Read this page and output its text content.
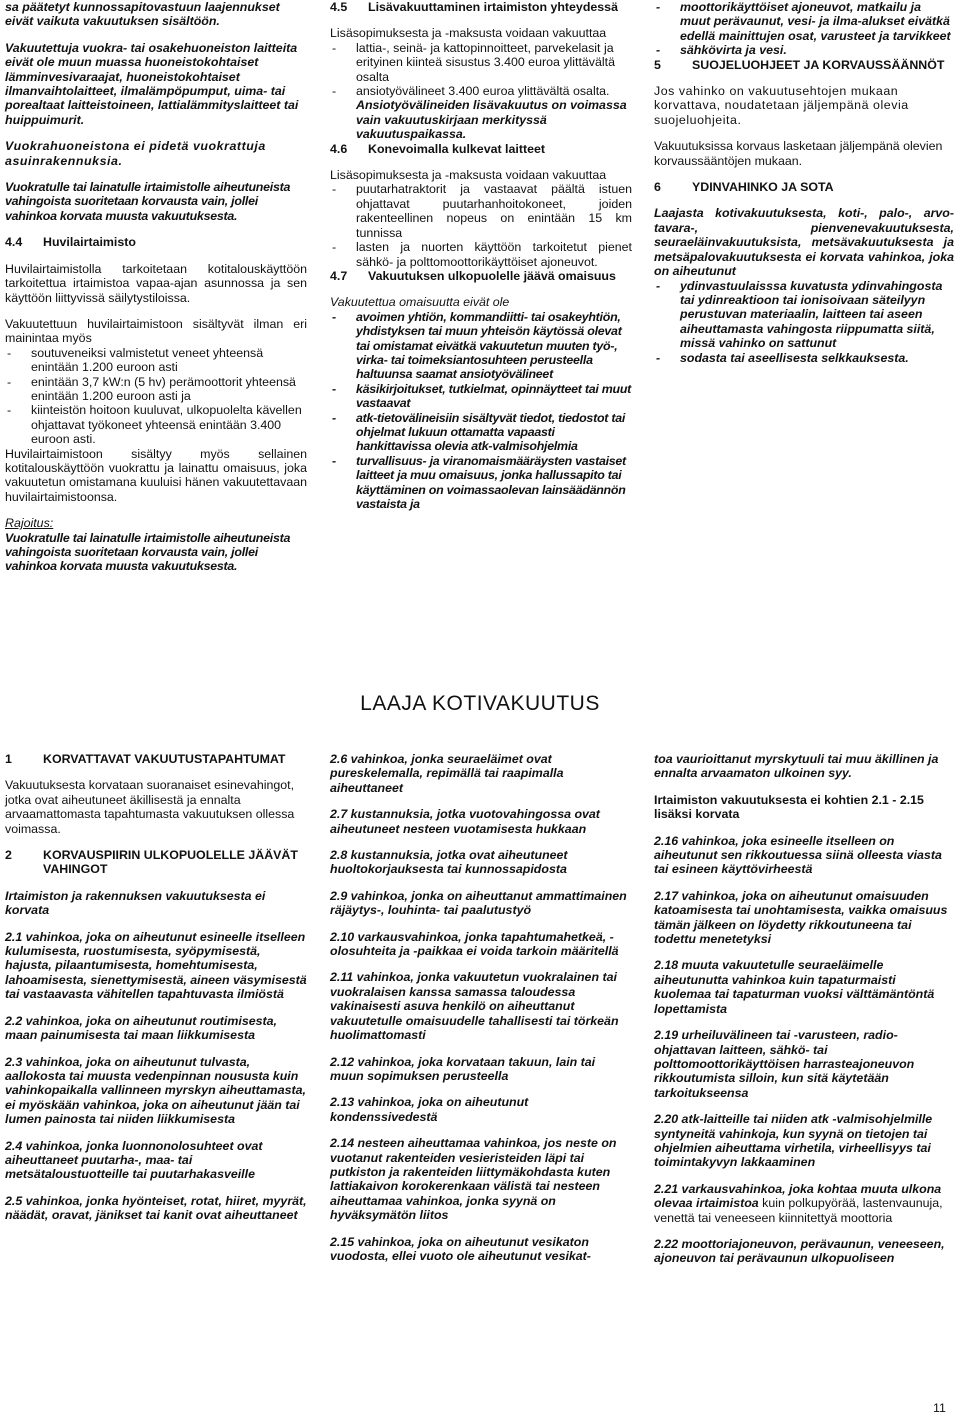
sa päätetyt kunnossapitovastuun laajennukset eivät vaikuta vakuutuksen sisältöön.

Vakuutettuja vuokra- tai osakehuoneiston laitteita eivät ole muun muassa huoneistokohtaiset lämminvesivaraajat, huoneistokohtaiset ilmanvaihtolaitteet, ilmalämpöpumput, uima- tai porealtaat laitteistoineen, lattialämmityslaitteet tai huippuimurit.

Vuokrahuoneistona ei pidetä vuokrattuja asuinrakennuksia.

Vuokratulle tai lainatulle irtaimistolle aiheutuneista vahingoista suoritetaan korvausta vain, jollei vahinkoa korvata muusta vakuutuksesta.

4.4	Huvilairtaimisto

Huvilairtaimistolla tarkoitetaan kotitalouskäyttöön tarkoitettua irtaimistoa vapaa-ajan asunnossa ja sen käyttöön liittyvissä säilytystiloissa.

Vakuutettuun huvilairtaimistoon sisältyvät ilman eri mainintaa myös

- soutuveneiksi valmistetut veneet yhteensä enintään 1.200 euroon asti
- enintään 3,7 kW:n (5 hv) perämoottorit yhteensä enintään 1.200 euroon asti ja
- kiinteistön hoitoon kuuluvat, ulkopuolelta kävellen ohjattavat työkoneet yhteensä enintään 3.400 euroon asti.

Huvilairtaimistoon sisältyy myös sellainen kotitalouskäyttöön vuokrattu ja lainattu omaisuus, joka vakuutetun omistamana kuuluisi hänen vakuutettavaan huvilairtaimistoonsa.

Rajoitus:

Vuokratulle tai lainatulle irtaimistolle aiheutuneista vahingoista suoritetaan korvausta vain, jollei vahinkoa korvata muusta vakuutuksesta.

4.5	Lisävakuuttaminen irtaimiston yhteydessä

Lisäsopimuksesta ja -maksusta voidaan vakuuttaa

- lattia-, seinä- ja kattopinnoitteet, parvekelasit ja erityinen kiinteä sisustus 3.400 euroa ylittävältä osalta
- ansiotyövälineet 3.400 euroa ylittävältä osalta. Ansiotyövälineiden lisävakuutus on voimassa vain vakuutuskirjaan merkityssä vakuutuspaikassa.
4.6	Konevoimalla kulkevat laitteet

Lisäsopimuksesta ja -maksusta voidaan vakuuttaa

- puutarhatraktorit ja vastaavat päältä istuen ohjattavat puutarhanhoitokoneet, joiden rakenteellinen nopeus on enintään 15 km tunnissa
- lasten ja nuorten käyttöön tarkoitetut pienet sähkö- ja polttomoottorikäyttöiset ajoneuvot.
4.7	Vakuutuksen ulkopuolelle jäävä omaisuus

Vakuutettua omaisuutta eivät ole

- avoimen yhtiön, kommandiitti- tai osakeyhtiön, yhdistyksen tai muun yhteisön käytössä olevat tai omistamat eivätkä vakuutetun muuten työ-, virka- tai toimeksiantosuhteen perusteella haltuunsa saamat ansiotyövälineet
- käsikirjoitukset, tutkielmat, opinnäytteet tai muut vastaavat
- atk-tietovälineisiin sisältyvät tiedot, tiedostot tai ohjelmat lukuun ottamatta vapaasti hankittavissa olevia atk-valmisohjelmia
- turvallisuus- ja viranomaismääräysten vastaiset laitteet ja muu omaisuus, jonka hallussapito tai käyttäminen on voimassaolevan lainsäädännön vastaista ja
- moottorikäyttöiset ajoneuvot, matkailu ja muut perävaunut, vesi- ja ilma-alukset eivätkä edellä mainittujen osat, varusteet ja tarvikkeet
- sähkövirta ja vesi.
5	SUOJELUOHJEET JA KORVAUSSÄÄNNÖT

Jos vahinko on vakuutusehtojen mukaan korvattava, noudatetaan jäljempänä olevia suojeluohjeita.

Vakuutuksissa korvaus lasketaan jäljempänä olevien korvaussääntöjen mukaan.

6	YDINVAHINKO JA SOTA

Laajasta kotivakuutuksesta, koti-, palo-, arvo-tavara-, pienvenevakuutuksesta, seuraeläinvakuutuksista, metsävakuutuksesta ja metsäpalovakuutuksesta ei korvata vahinkoa, joka on aiheutunut

- ydinvastuulaisssa kuvatusta ydinvahingosta tai ydinreaktioon tai ionisoivaan säteilyyn perustuvan materiaalin, laitteen tai aseen aiheuttamasta vahingosta riippumatta siitä, missä vahinko on sattunut
- sodasta tai aseellisesta selkkauksesta.
LAAJA KOTIVAKUUTUS
1	KORVATTAVAT VAKUUTUSTAPAHTUMAT

Vakuutuksesta korvataan suoranaiset esinevahingot, jotka ovat aiheutuneet äkillisestä ja ennalta arvaamattomasta tapahtumasta vakuutuksen ollessa voimassa.

2	KORVAUSPIIRIN ULKOPUOLELLE JÄÄVÄT VAHINGOT

Irtaimiston ja rakennuksen vakuutuksesta ei korvata

2.1 vahinkoa, joka on aiheutunut esineelle itselleen kulumisesta, ruostumisesta, syöpymisestä, hajusta, pilaantumisesta, homehtumisesta, lahoamisesta, sienettymisestä, aineen väsymisestä tai vastaavasta vähitellen tapahtuvasta ilmiöstä

2.2 vahinkoa, joka on aiheutunut routimisesta, maan painumisesta tai maan liikkumisesta

2.3 vahinkoa, joka on aiheutunut tulvasta, aallokosta tai muusta vedenpinnan noususta kuin vahinkopaikalla vallinneen myrskyn aiheuttamasta, ei myöskään vahinkoa, joka on aiheutunut jään tai lumen painosta tai niiden liikkumisesta

2.4 vahinkoa, jonka luonnonolosuhteet ovat aiheuttaneet puutarha-, maa- tai metsätaloustuotteille tai puutarhakasveille

2.5 vahinkoa, jonka hyönteiset, rotat, hiiret, myyrät, näädät, oravat, jänikset tai kanit ovat aiheuttaneet

2.6 vahinkoa, jonka seuraeläimet ovat pureskelemalla, repimällä tai raapimalla aiheuttaneet

2.7 kustannuksia, jotka vuotovahingossa ovat aiheutuneet nesteen vuotamisesta hukkaan

2.8 kustannuksia, jotka ovat aiheutuneet huoltokorjauksesta tai kunnossapidosta

2.9 vahinkoa, jonka on aiheuttanut ammattimainen räjäytys-, louhinta- tai paalutustyö

2.10 varkausvahinkoa, jonka tapahtumahetkeä, -olosuhteita ja -paikkaa ei voida tarkoin määritellä

2.11 vahinkoa, jonka vakuutetun vuokralainen tai vuokralaisen kanssa samassa taloudessa vakinaisesti asuva henkilö on aiheuttanut vakuutetulle omaisuudelle tahallisesti tai törkeän huolimattomasti

2.12 vahinkoa, joka korvataan takuun, lain tai muun sopimuksen perusteella

2.13 vahinkoa, joka on aiheutunut kondenssivedestä

2.14 nesteen aiheuttamaa vahinkoa, jos neste on vuotanut rakenteiden vesieristeiden läpi tai putkiston ja rakenteiden liittymäkohdasta kuten lattiakaivon korokerenkaan välistä tai nesteen aiheuttamaa vahinkoa, jonka syynä on hyväksymätön liitos

2.15 vahinkoa, joka on aiheutunut vesikaton vuodosta, ellei vuoto ole aiheutunut vesikat-

toa vaurioittanut myrskytuuli tai muu äkillinen ja ennalta arvaamaton ulkoinen syy.

Irtaimiston vakuutuksesta ei kohtien 2.1 - 2.15 lisäksi korvata

2.16 vahinkoa, joka esineelle itselleen on aiheutunut sen rikkoutuessa siinä olleesta viasta tai esineen käyttövirheestä

2.17 vahinkoa, joka on aiheutunut omaisuuden katoamisesta tai unohtamisesta, vaikka omaisuus tämän jälkeen on löydetty rikkoutuneena tai todettu menetetyksi

2.18 muuta vakuutetulle seuraeläimelle aiheutunutta vahinkoa kuin tapaturmaisti kuolemaa tai tapaturman vuoksi välttämäntöntä lopettamista

2.19 urheiluvälineen tai -varusteen, radio-ohjattavan laitteen, sähkö- tai polttomoottorikäyttöisen harrasteajoneuvon rikkoutumista silloin, kun sitä käytetään tarkoitukseensa

2.20 atk-laitteille tai niiden atk -valmisohjelmille syntyneitä vahinkoja, kun syynä on tietojen tai ohjelmien aiheuttama virhetila, virheellisyys tai toimintakyvyn lakkaaminen

2.21 varkausvahinkoa, joka kohtaa muuta ulkona olevaa irtaimistoa kuin polkupyörää, lastenvaunuja, venettä tai veneeseen kiinnitettyä moottoria

2.22 moottoriajoneuvon, perävaunun, veneeseen, ajoneuvon tai perävaunun ulkopuoliseen

11
